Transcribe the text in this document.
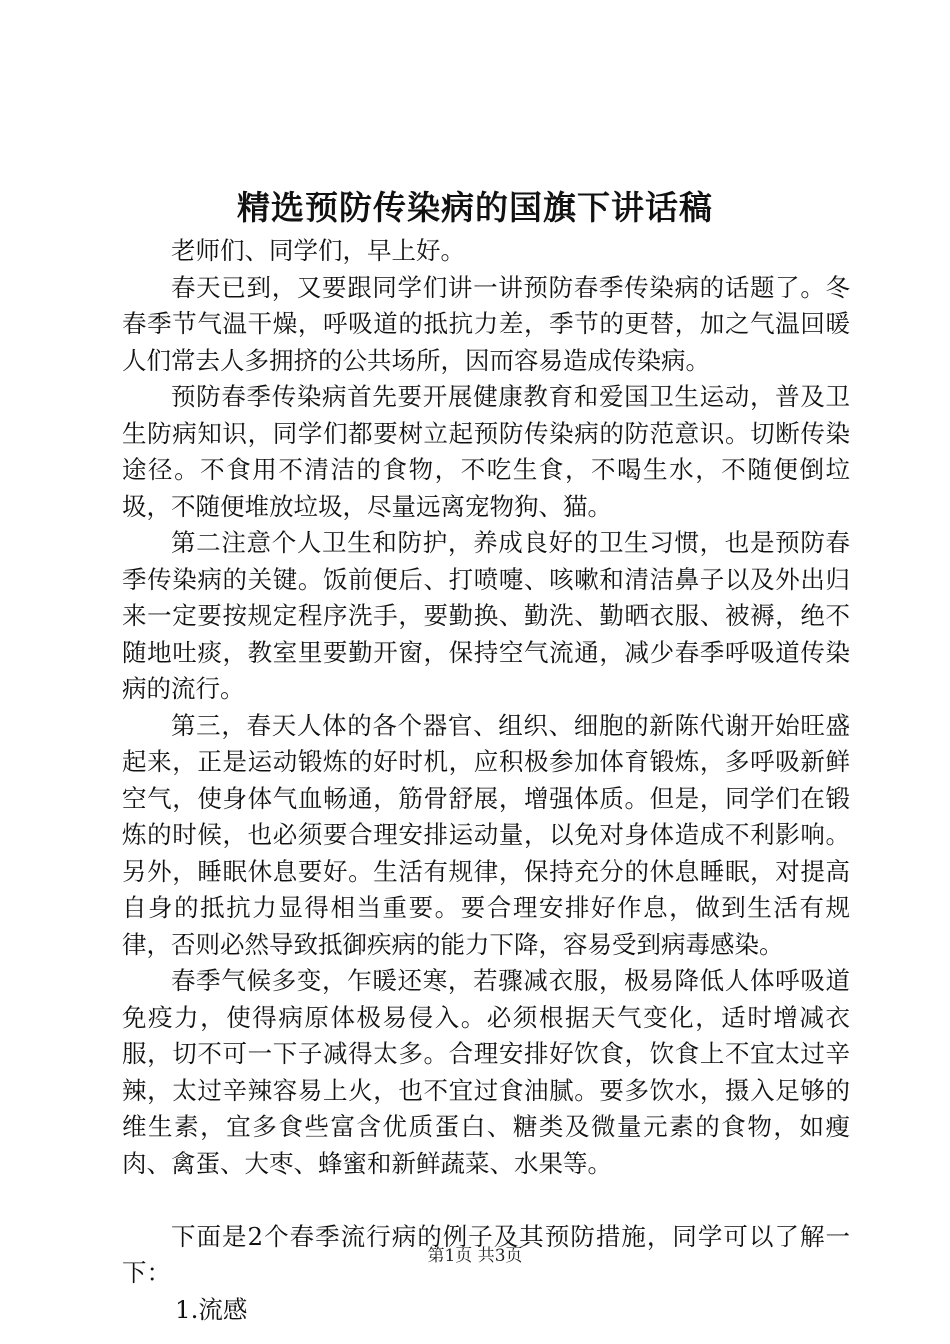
精选预防传染病的国旗下讲话稿

老师们、同学们，早上好。

春天已到，又要跟同学们讲一讲预防春季传染病的话题了。冬春季节气温干燥，呼吸道的抵抗力差，季节的更替，加之气温回暖人们常去人多拥挤的公共场所，因而容易造成传染病。

预防春季传染病首先要开展健康教育和爱国卫生运动，普及卫生防病知识，同学们都要树立起预防传染病的防范意识。切断传染途径。不食用不清洁的食物，不吃生食，不喝生水，不随便倒垃圾，不随便堆放垃圾，尽量远离宠物狗、猫。

第二注意个人卫生和防护，养成良好的卫生习惯，也是预防春季传染病的关键。饭前便后、打喷嚏、咳嗽和清洁鼻子以及外出归来一定要按规定程序洗手，要勤换、勤洗、勤晒衣服、被褥，绝不随地吐痰，教室里要勤开窗，保持空气流通，减少春季呼吸道传染病的流行。

第三，春天人体的各个器官、组织、细胞的新陈代谢开始旺盛起来，正是运动锻炼的好时机，应积极参加体育锻炼，多呼吸新鲜空气，使身体气血畅通，筋骨舒展，增强体质。但是，同学们在锻炼的时候，也必须要合理安排运动量，以免对身体造成不利影响。另外，睡眠休息要好。生活有规律，保持充分的休息睡眠，对提高自身的抵抗力显得相当重要。要合理安排好作息，做到生活有规律，否则必然导致抵御疾病的能力下降，容易受到病毒感染。

春季气候多变，乍暖还寒，若骤减衣服，极易降低人体呼吸道免疫力，使得病原体极易侵入。必须根据天气变化，适时增减衣服，切不可一下子减得太多。合理安排好饮食，饮食上不宜太过辛辣，太过辛辣容易上火，也不宜过食油腻。要多饮水，摄入足够的维生素，宜多食些富含优质蛋白、糖类及微量元素的食物，如瘦肉、禽蛋、大枣、蜂蜜和新鲜蔬菜、水果等。

下面是2个春季流行病的例子及其预防措施，同学可以了解一下：

1.流感

第1页 共3页
